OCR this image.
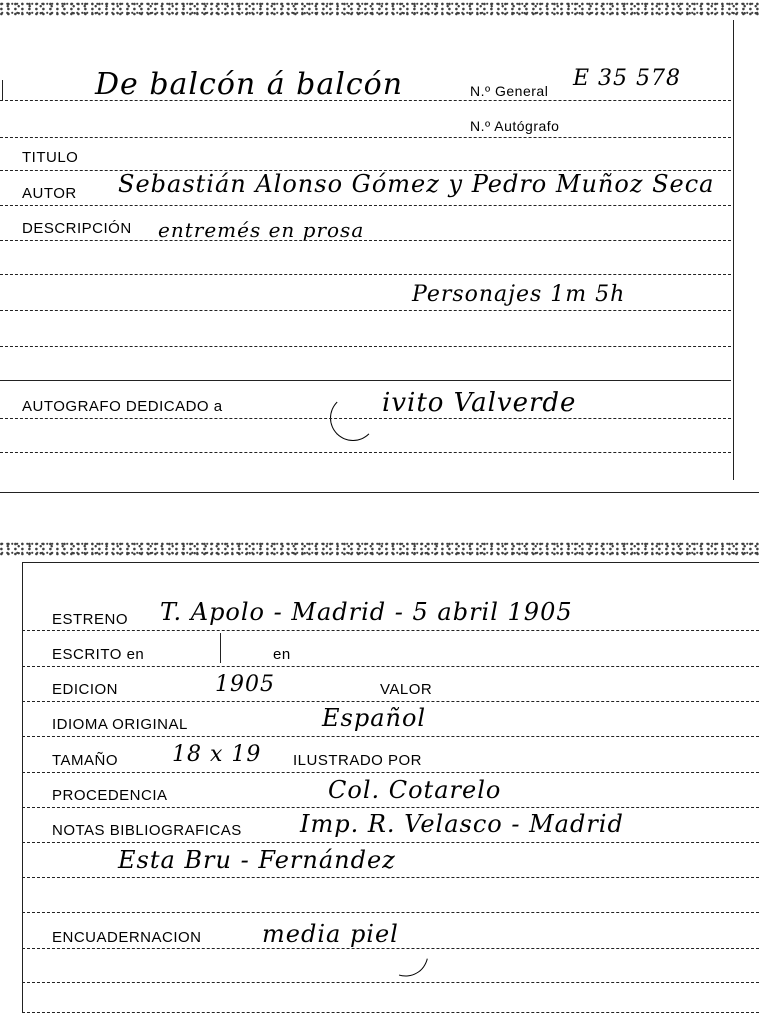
De balcón á balcón	N.º General E 35 578
N.º Autógrafo
TITULO
AUTOR Sebastián Alonso Gómez y Pedro Muñoz Seca
DESCRIPCIÓN entremés en prosa
Personajes 1m 5h
AUTOGRAFO DEDICADO a	ivito Valverde
ESTRENO T. Apolo - Madrid - 5 abril 1905
ESCRITO en	en
EDICION	1905	VALOR
IDIOMA ORIGINAL	Español
TAMAÑO 18 x 19 ILUSTRADO POR
PROCEDENCIA	Col. Cotarelo
NOTAS BIBLIOGRAFICAS Imp. R. Velasco - Madrid
Esta Bru - Fernández
ENCUADERNACION	media piel
